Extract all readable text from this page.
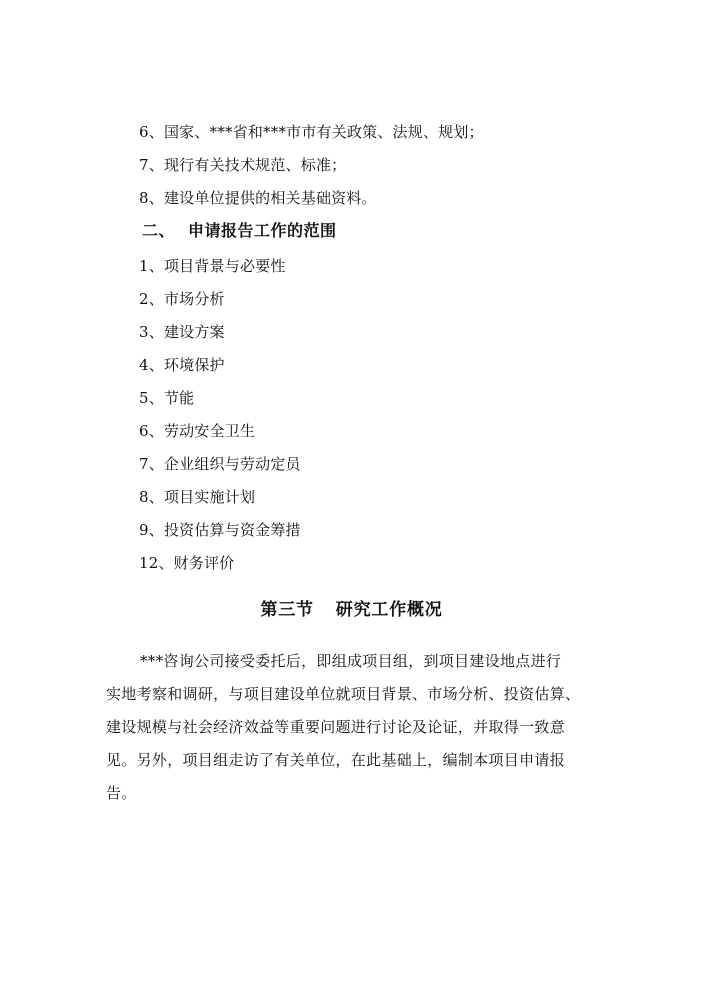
6、国家、***省和***市市有关政策、法规、规划；
7、现行有关技术规范、标准；
8、建设单位提供的相关基础资料。
二、 申请报告工作的范围
1、项目背景与必要性
2、市场分析
3、建设方案
4、环境保护
5、节能
6、劳动安全卫生
7、企业组织与劳动定员
8、项目实施计划
9、投资估算与资金筹措
12、财务评价
第三节 研究工作概况
***咨询公司接受委托后，即组成项目组，到项目建设地点进行
实地考察和调研，与项目建设单位就项目背景、市场分析、投资估算、
建设规模与社会经济效益等重要问题进行讨论及论证，并取得一致意
见。另外，项目组走访了有关单位，在此基础上，编制本项目申请报
告。
